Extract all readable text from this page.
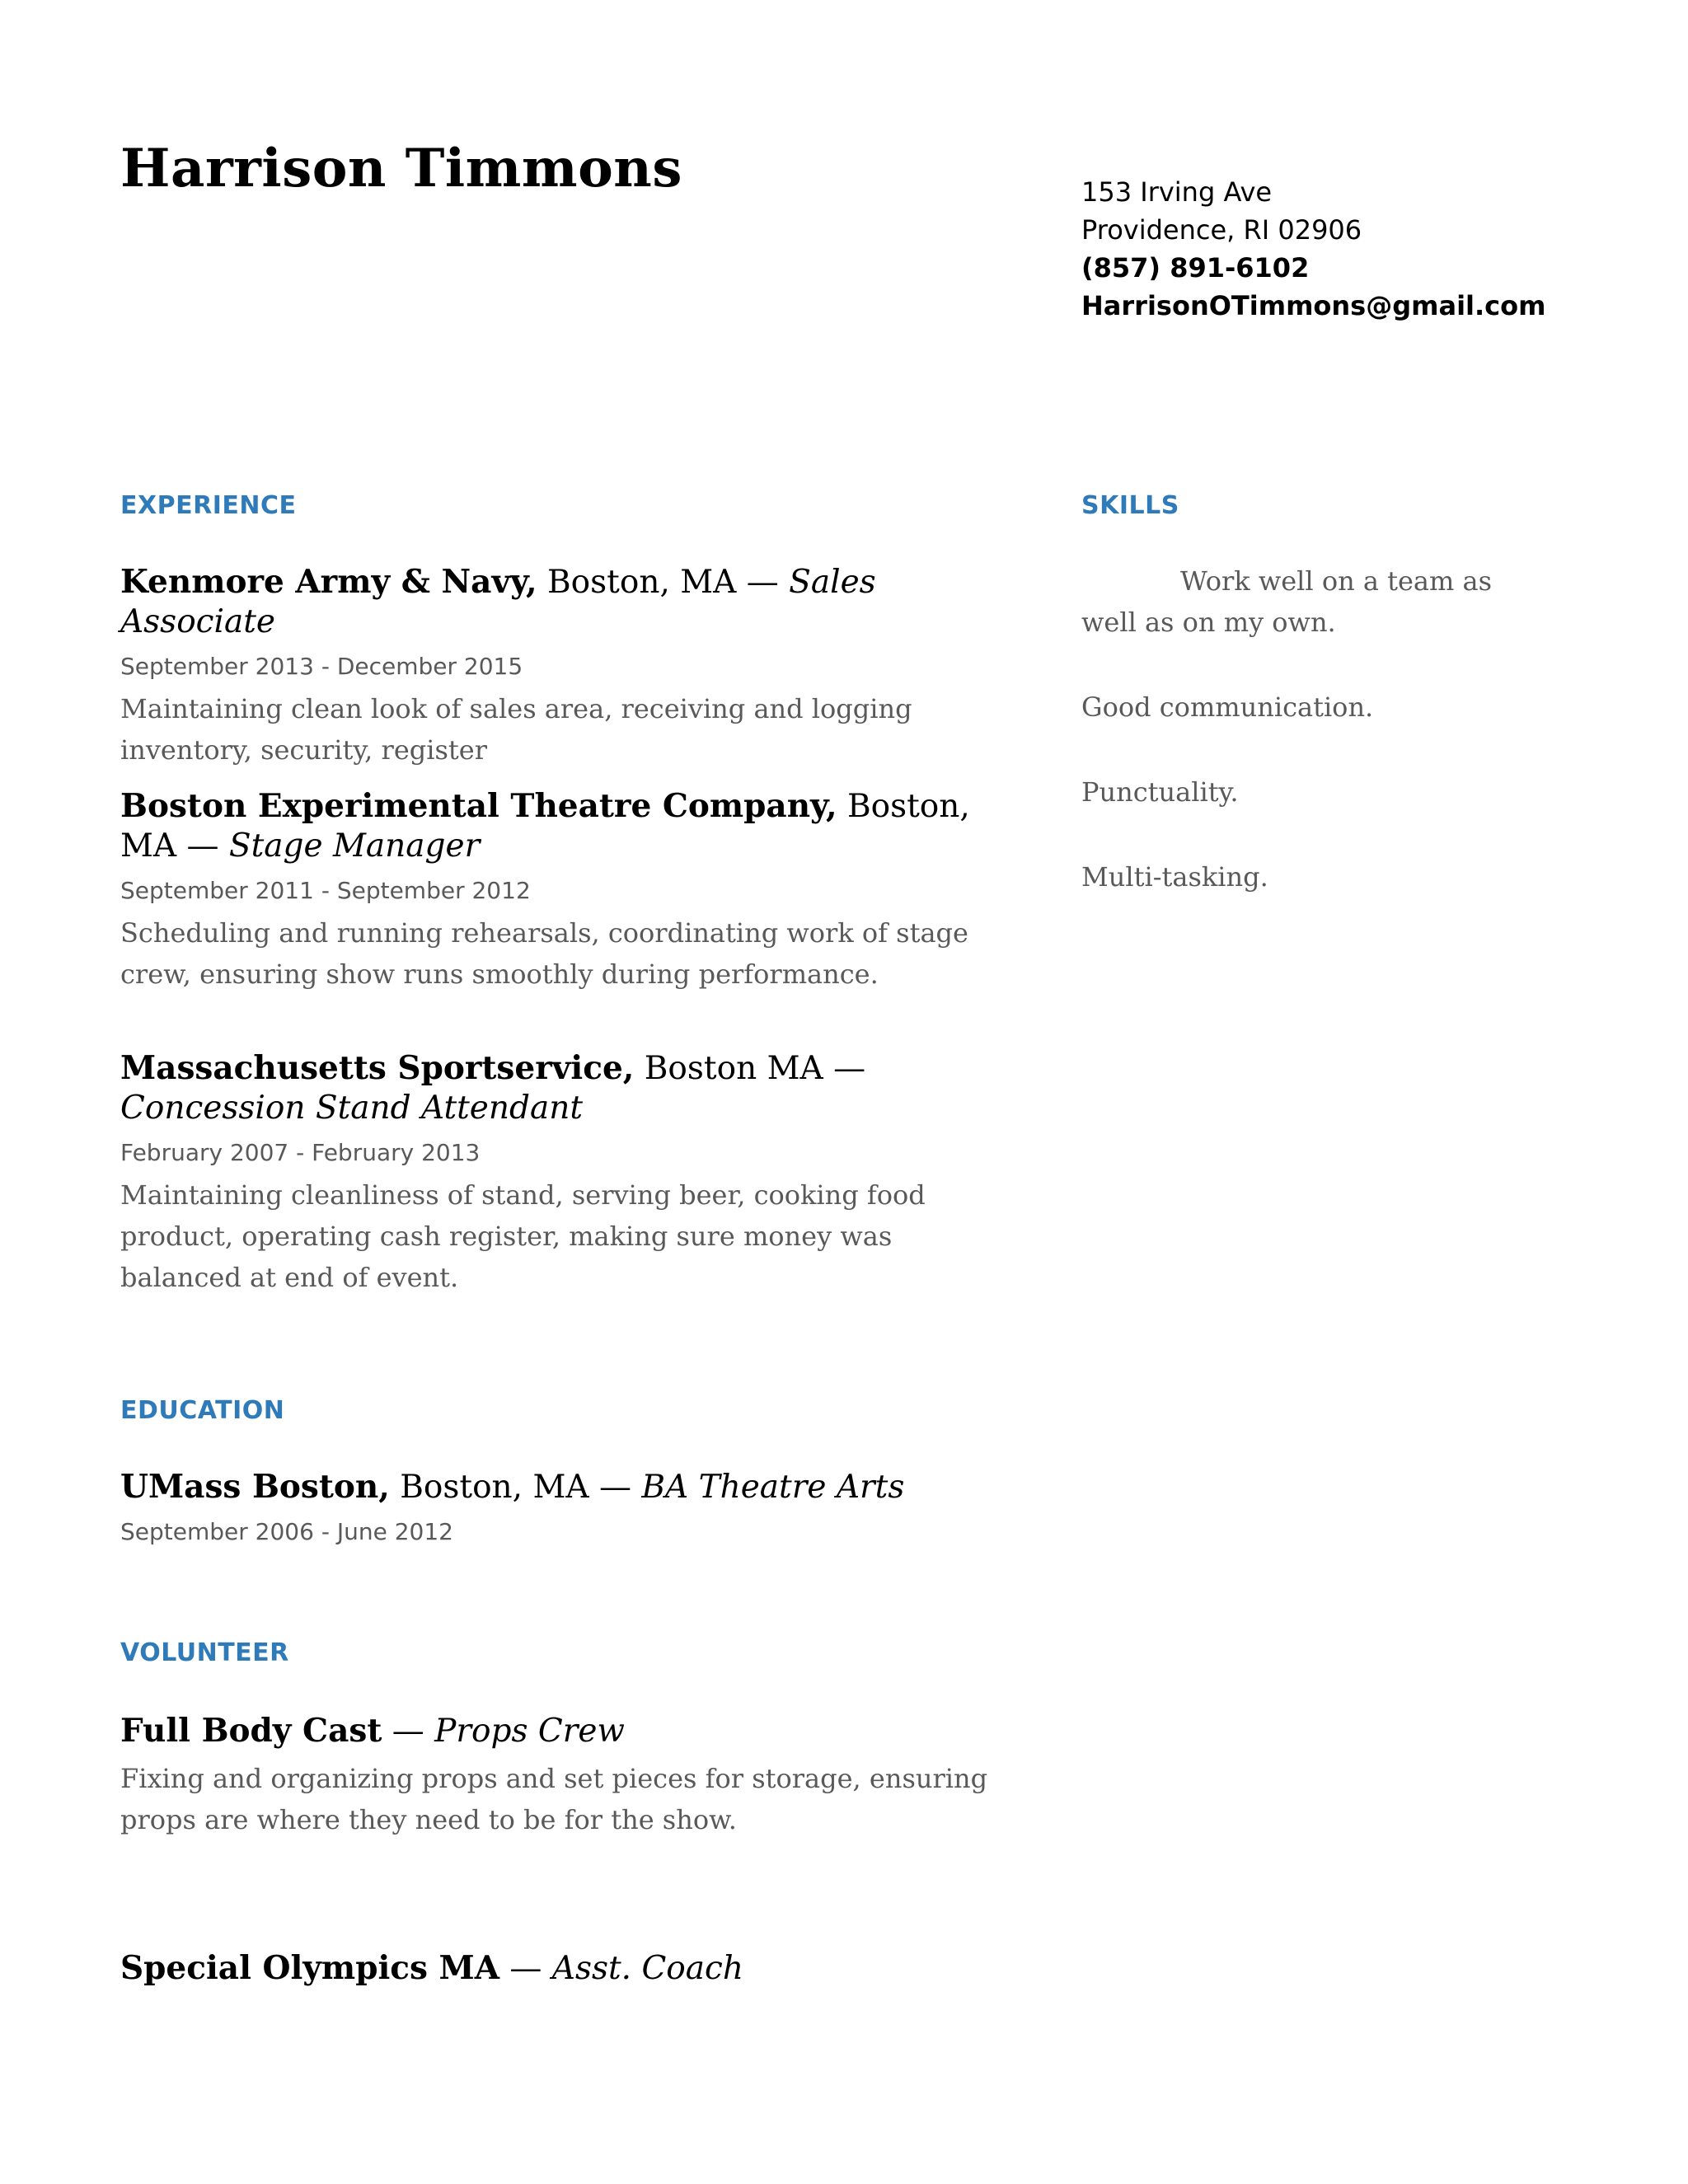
Harrison Timmons	153 Irving Ave
Providence, RI 02906
(857) 891-6102
HarrisonOTimmons@gmail.com
EXPERIENCE

Kenmore Army & Navy, Boston, MA — Sales Associate

September 2013 - December 2015
Maintaining clean look of sales area, receiving and logging inventory, security, register

Boston Experimental Theatre Company, Boston, MA — Stage Manager

September 2011 - September 2012
Scheduling and running rehearsals, coordinating work of stage crew, ensuring show runs smoothly during performance.

Massachusetts Sportservice, Boston MA — Concession Stand Attendant

February 2007 - February 2013
Maintaining cleanliness of stand, serving beer, cooking food product, operating cash register, making sure money was balanced at end of event.
EDUCATION

UMass Boston, Boston, MA — BA Theatre Arts

September 2006 - June 2012
VOLUNTEER

Full Body Cast — Props Crew

Fixing and organizing props and set pieces for storage, ensuring props are where they need to be for the show.

Special Olympics MA — Asst. Coach

SKILLS

Work well on a team as well as on my own.

Good communication.

Punctuality.

Multi-tasking.
